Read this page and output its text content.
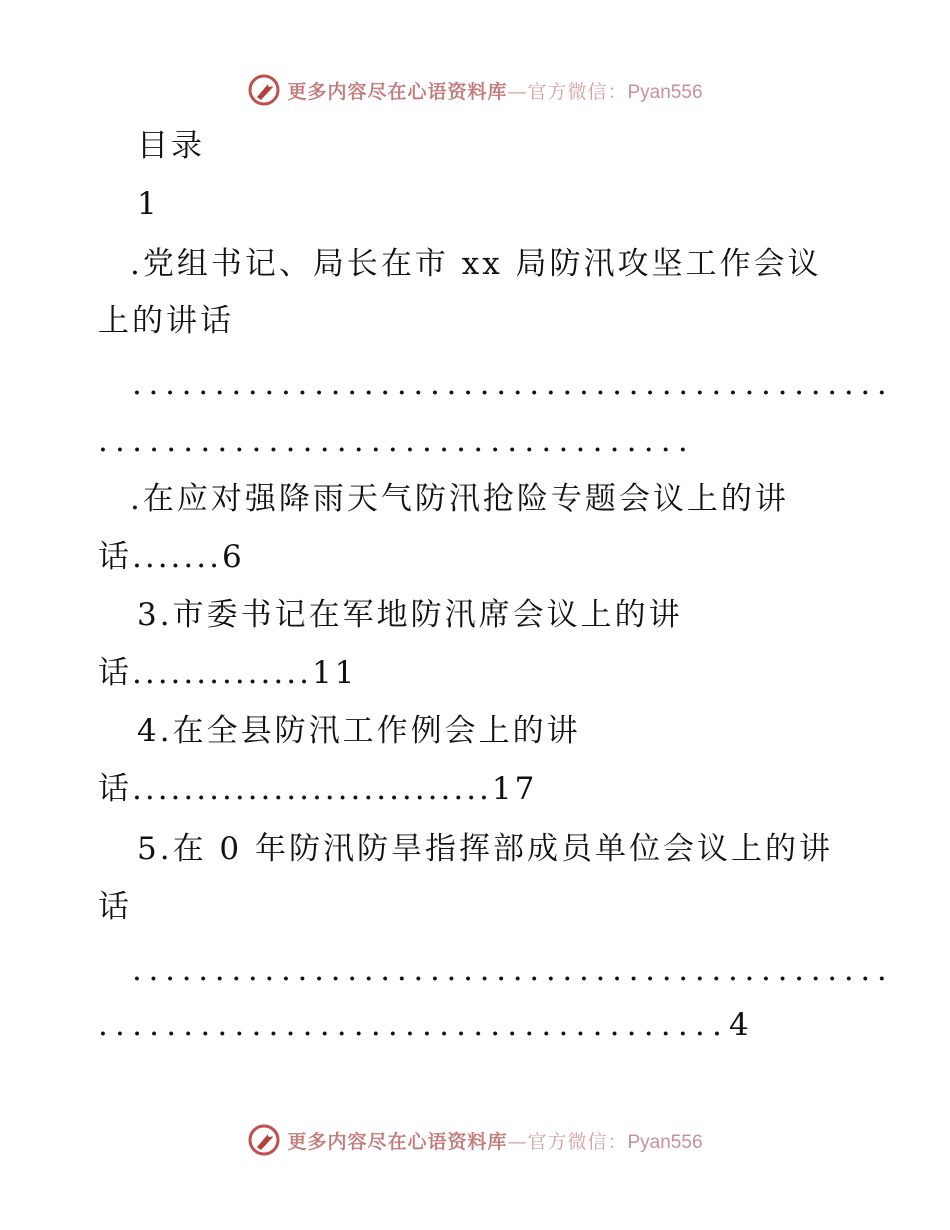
更多内容尽在心语资料库—官方微信：Pyan556
目录
1
.党组书记、局长在市 xx 局防汛攻坚工作会议
上的讲话
..............................................
...................................
.在应对强降雨天气防汛抢险专题会议上的讲
话.......6
3.市委书记在军地防汛席会议上的讲
话..............11
4.在全县防汛工作例会上的讲
话............................17
5.在 0 年防汛防旱指挥部成员单位会议上的讲
话
..............................................
.....................................4
更多内容尽在心语资料库—官方微信：Pyan556
